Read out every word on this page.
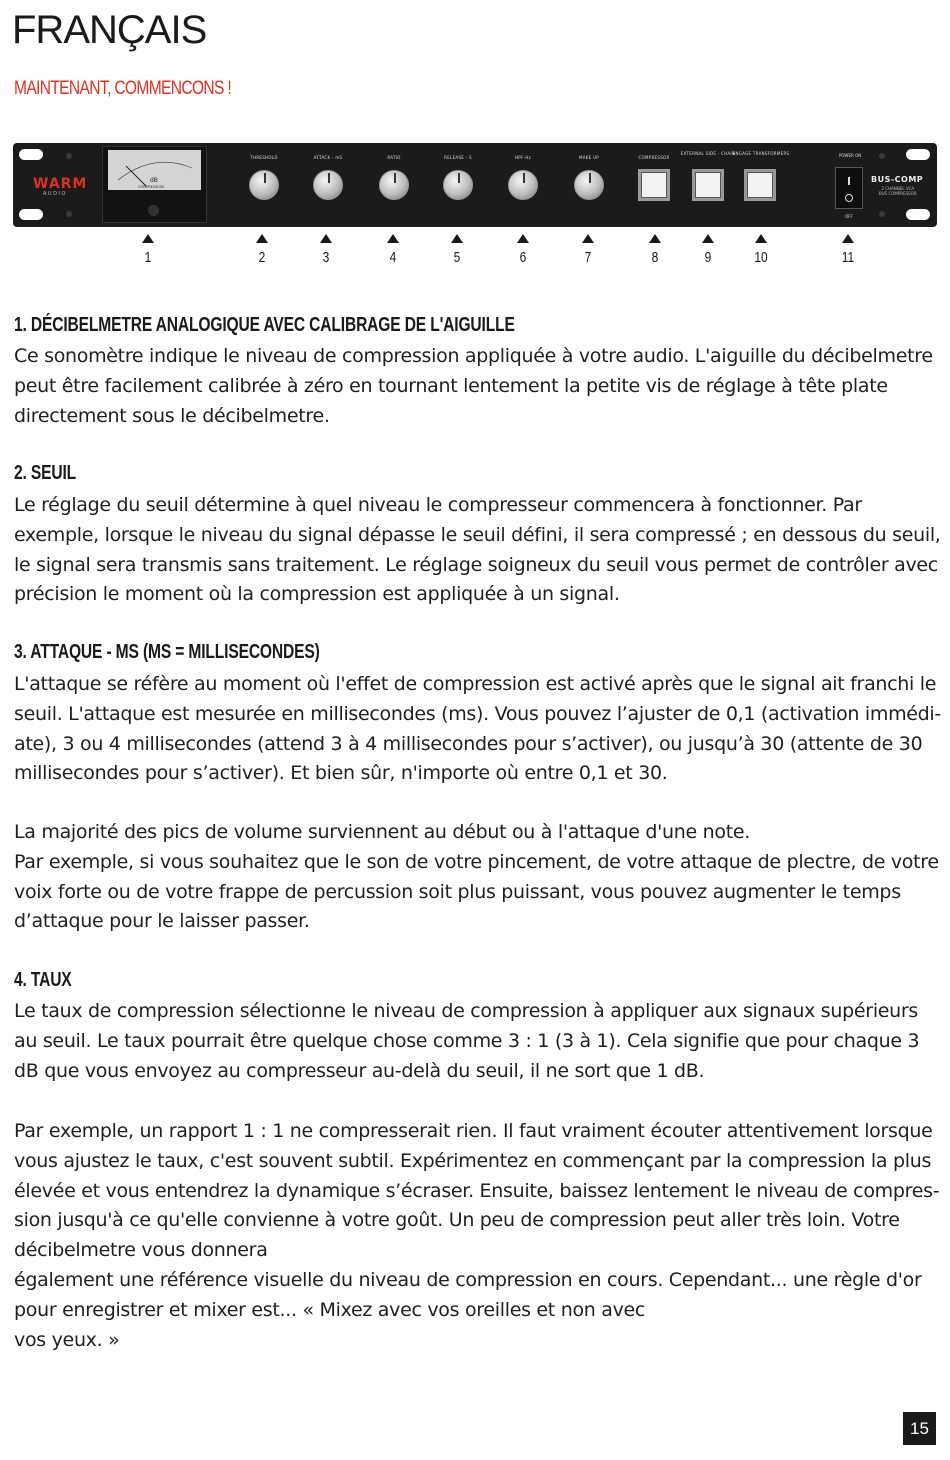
FRANÇAIS
MAINTENANT, COMMENCONS !
WARM
AUDIO
dB
COMPRESSION
THRESHOLD	ATTACK - mS	RATIO	RELEASE - S	HPF-Hz	MAKE UP	COMPRESSOR
EXTERNAL SIDE - CHAIN
ENGAGE TRANSFORMERS	POWER ON
OFF
BUS-COMP
2 CHANNEL VCA
BUS COMPRESSOR
1	2	3	4	5	6	7	8	9	10	11
1. DÉCIBELMETRE ANALOGIQUE AVEC CALIBRAGE DE L'AIGUILLE
Ce sonomètre indique le niveau de compression appliquée à votre audio. L'aiguille du décibelmetre
peut être facilement calibrée à zéro en tournant lentement la petite vis de réglage à tête plate
directement sous le décibelmetre.
2. SEUIL
Le réglage du seuil détermine à quel niveau le compresseur commencera à fonctionner. Par
exemple, lorsque le niveau du signal dépasse le seuil défini, il sera compressé ; en dessous du seuil,
le signal sera transmis sans traitement. Le réglage soigneux du seuil vous permet de contrôler avec
précision le moment où la compression est appliquée à un signal.
3. ATTAQUE - MS (MS = MILLISECONDES)
L'attaque se réfère au moment où l'effet de compression est activé après que le signal ait franchi le
seuil. L'attaque est mesurée en millisecondes (ms). Vous pouvez l’ajuster de 0,1 (activation immédi-
ate), 3 ou 4 millisecondes (attend 3 à 4 millisecondes pour s’activer), ou jusqu’à 30 (attente de 30
millisecondes pour s’activer). Et bien sûr, n'importe où entre 0,1 et 30.
La majorité des pics de volume surviennent au début ou à l'attaque d'une note.
Par exemple, si vous souhaitez que le son de votre pincement, de votre attaque de plectre, de votre
voix forte ou de votre frappe de percussion soit plus puissant, vous pouvez augmenter le temps
d’attaque pour le laisser passer.
4. TAUX
Le taux de compression sélectionne le niveau de compression à appliquer aux signaux supérieurs
au seuil. Le taux pourrait être quelque chose comme 3 : 1 (3 à 1). Cela signifie que pour chaque 3
dB que vous envoyez au compresseur au-delà du seuil, il ne sort que 1 dB.
Par exemple, un rapport 1 : 1 ne compresserait rien. Il faut vraiment écouter attentivement lorsque
vous ajustez le taux, c'est souvent subtil. Expérimentez en commençant par la compression la plus
élevée et vous entendrez la dynamique s’écraser. Ensuite, baissez lentement le niveau de compres-
sion jusqu'à ce qu'elle convienne à votre goût. Un peu de compression peut aller très loin. Votre
décibelmetre vous donnera
également une référence visuelle du niveau de compression en cours. Cependant... une règle d'or
pour enregistrer et mixer est... « Mixez avec vos oreilles et non avec
vos yeux. »
15
